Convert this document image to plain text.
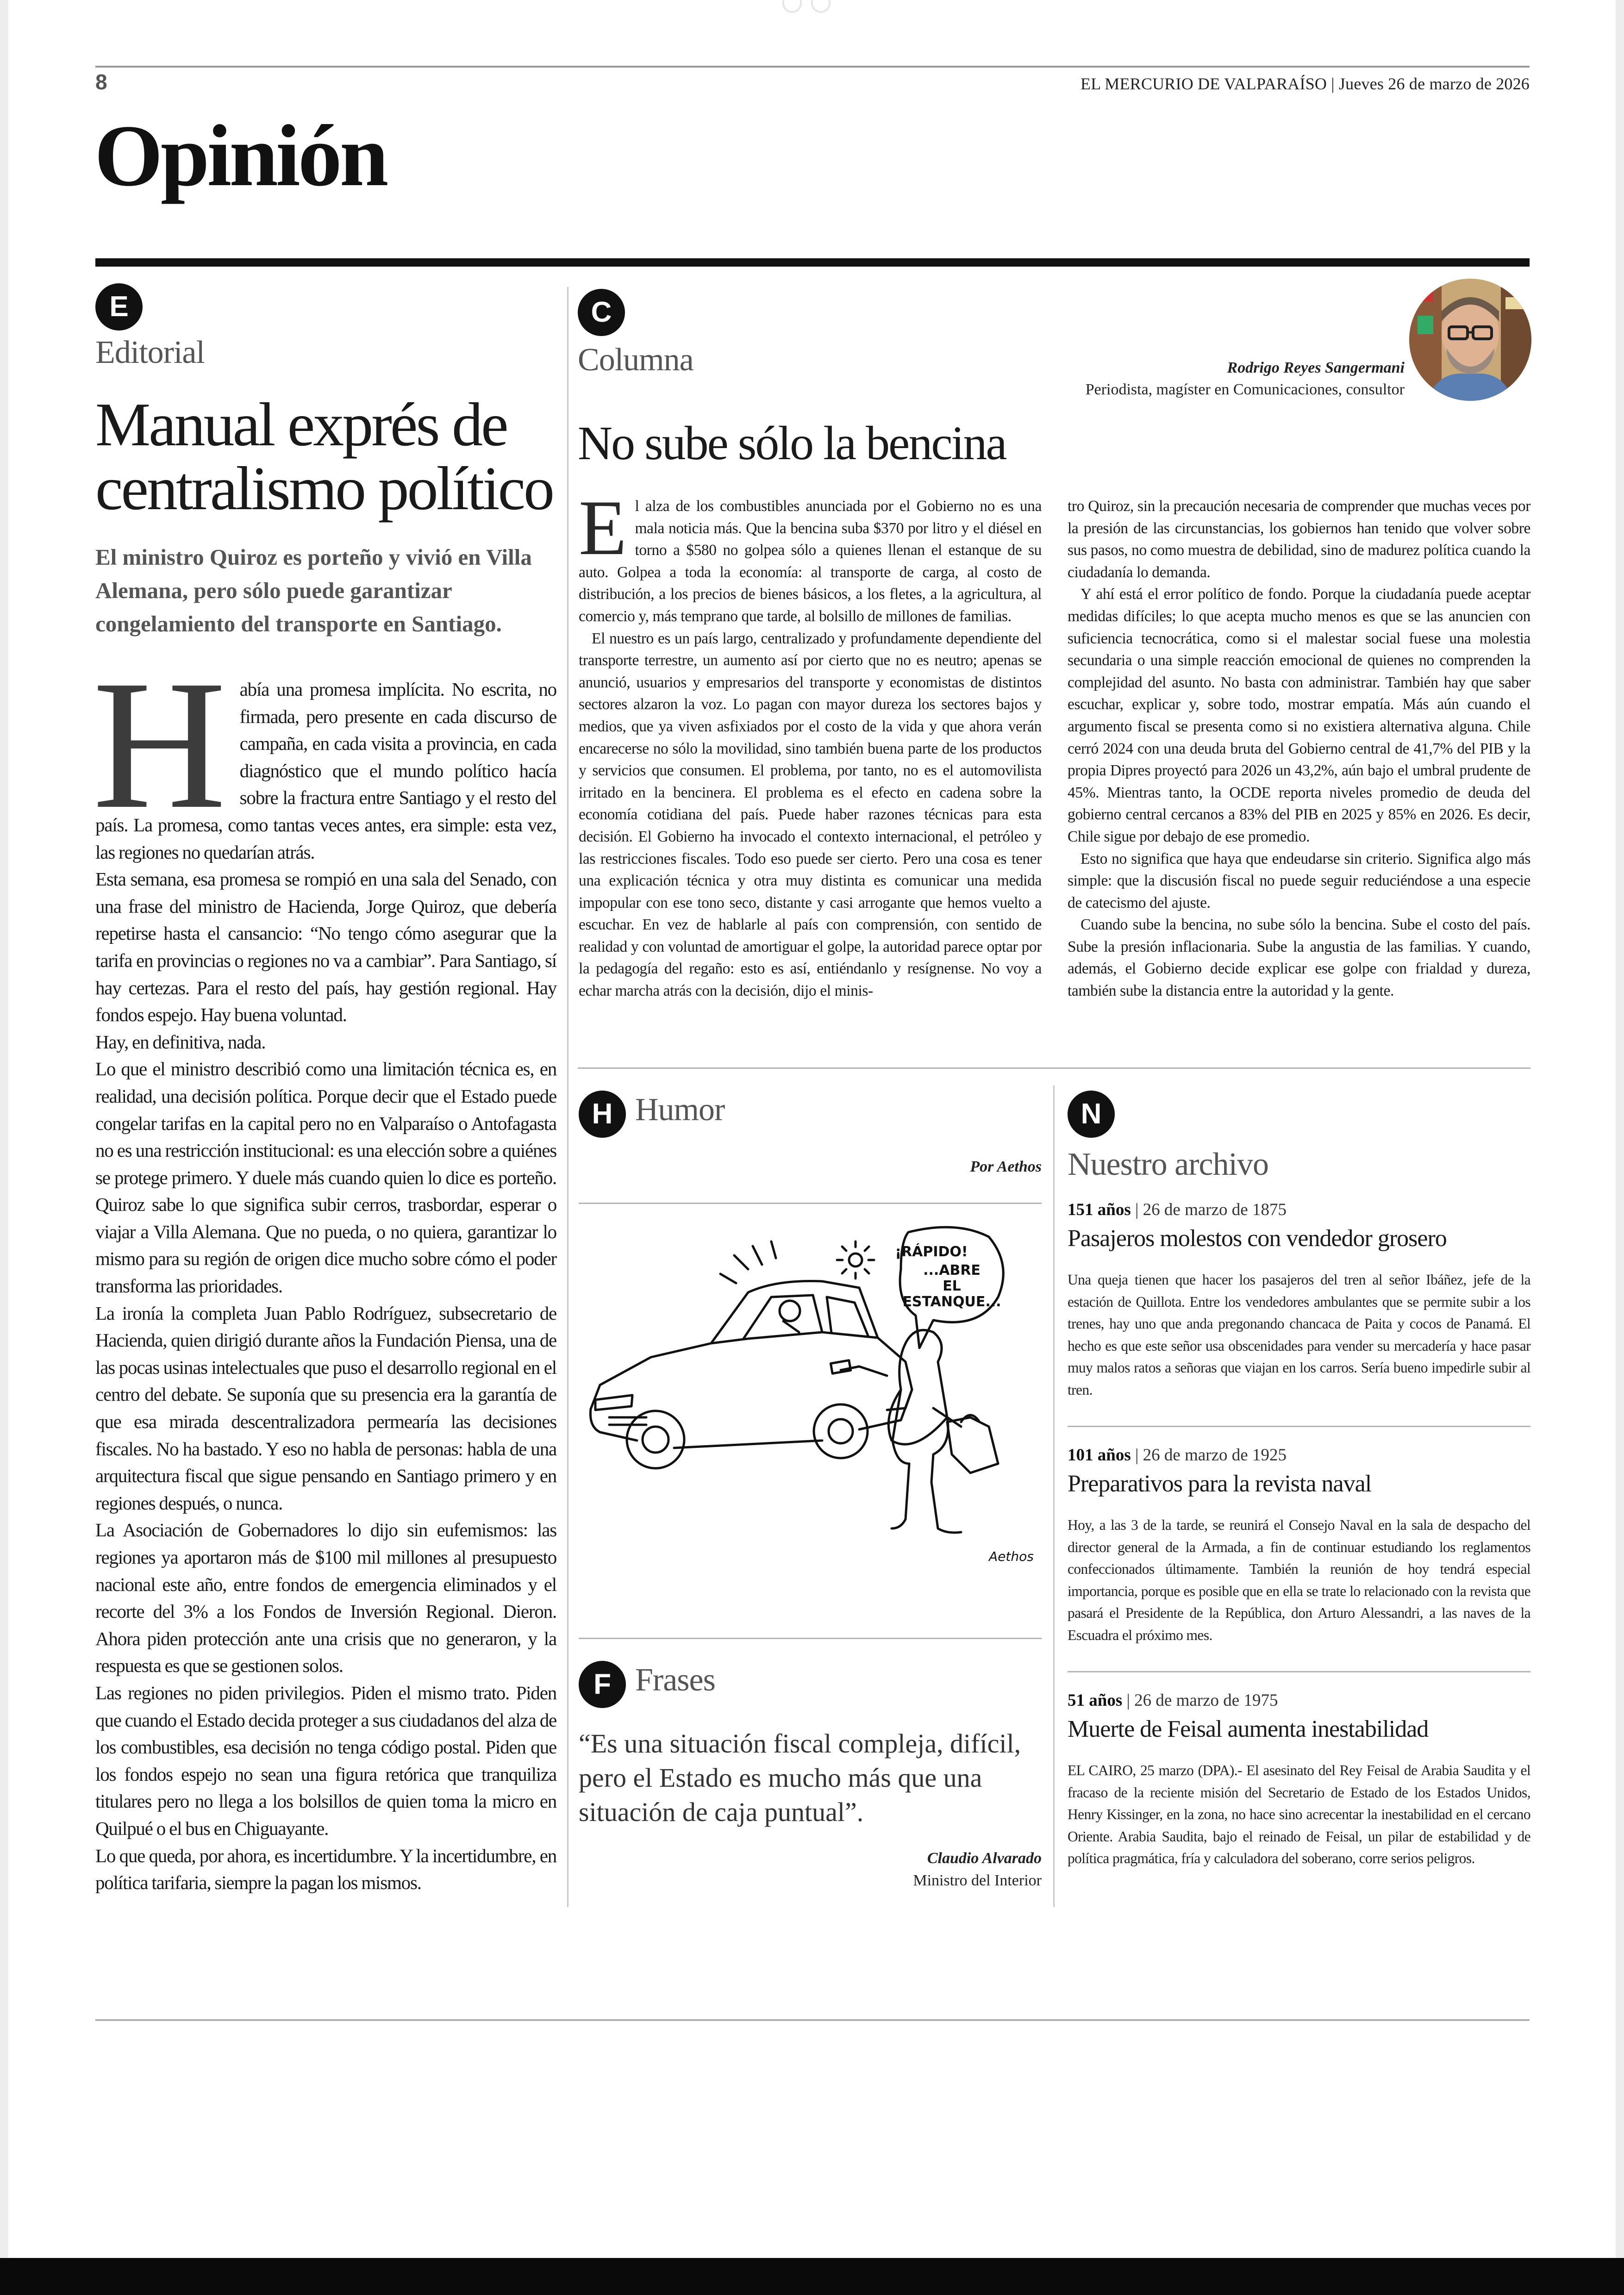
8	EL MERCURIO DE VALPARAÍSO | Jueves 26 de marzo de 2026
Opinión
E
Editorial
Manual exprés de centralismo político

El ministro Quiroz es porteño y vivió en Villa Alemana, pero sólo puede garantizar congelamiento del transporte en Santiago.

H abía una promesa implícita. No escrita, no firmada, pero presente en cada discurso de campaña, en cada visita a provincia, en cada diagnóstico que el mundo político hacía sobre la fractura entre Santiago y el resto del país. La promesa, como tantas veces antes, era simple: esta vez, las regiones no quedarían atrás.

Esta semana, esa promesa se rompió en una sala del Senado, con una frase del ministro de Hacienda, Jorge Quiroz, que debería repetirse hasta el cansancio: “No tengo cómo asegurar que la tarifa en provincias o regiones no va a cambiar”. Para Santiago, sí hay certezas. Para el resto del país, hay gestión regional. Hay fondos espejo. Hay buena voluntad.

Hay, en definitiva, nada.

Lo que el ministro describió como una limitación técnica es, en realidad, una decisión política. Porque decir que el Estado puede congelar tarifas en la capital pero no en Valparaíso o Antofagasta no es una restricción institucional: es una elección sobre a quiénes se protege primero. Y duele más cuando quien lo dice es porteño. Quiroz sabe lo que significa subir cerros, trasbordar, esperar o viajar a Villa Alemana. Que no pueda, o no quiera, garantizar lo mismo para su región de origen dice mucho sobre cómo el poder transforma las prioridades.

La ironía la completa Juan Pablo Rodríguez, subsecretario de Hacienda, quien dirigió durante años la Fundación Piensa, una de las pocas usinas intelectuales que puso el desarrollo regional en el centro del debate. Se suponía que su presencia era la garantía de que esa mirada descentralizadora permearía las decisiones fiscales. No ha bastado. Y eso no habla de personas: habla de una arquitectura fiscal que sigue pensando en Santiago primero y en regiones después, o nunca.

La Asociación de Gobernadores lo dijo sin eufemismos: las regiones ya aportaron más de $100 mil millones al presupuesto nacional este año, entre fondos de emergencia eliminados y el recorte del 3% a los Fondos de Inversión Regional. Dieron. Ahora piden protección ante una crisis que no generaron, y la respuesta es que se gestionen solos.

Las regiones no piden privilegios. Piden el mismo trato. Piden que cuando el Estado decida proteger a sus ciudadanos del alza de los combustibles, esa decisión no tenga código postal. Piden que los fondos espejo no sean una figura retórica que tranquiliza titulares pero no llega a los bolsillos de quien toma la micro en Quilpué o el bus en Chiguayante.

Lo que queda, por ahora, es incertidumbre. Y la incertidumbre, en política tarifaria, siempre la pagan los mismos.

C
Columna	Rodrigo Reyes Sangermani
Periodista, magíster en Comunicaciones, consultor
No sube sólo la bencina
E l alza de los combustibles anunciada por el Gobierno no es una mala noticia más. Que la bencina suba $370 por litro y el diésel en torno a $580 no golpea sólo a quienes llenan el estanque de su auto. Golpea a toda la economía: al transporte de carga, al costo de distribución, a los precios de bienes básicos, a los fletes, a la agricultura, al comercio y, más temprano que tarde, al bolsillo de millones de familias.

El nuestro es un país largo, centralizado y profundamente dependiente del transporte terrestre, un aumento así por cierto que no es neutro; apenas se anunció, usuarios y empresarios del transporte y economistas de distintos sectores alzaron la voz. Lo pagan con mayor dureza los sectores bajos y medios, que ya viven asfixiados por el costo de la vida y que ahora verán encarecerse no sólo la movilidad, sino también buena parte de los productos y servicios que consumen. El problema, por tanto, no es el automovilista irritado en la bencinera. El problema es el efecto en cadena sobre la economía cotidiana del país. Puede haber razones técnicas para esta decisión. El Gobierno ha invocado el contexto internacional, el petróleo y las restricciones fiscales. Todo eso puede ser cierto. Pero una cosa es tener una explicación técnica y otra muy distinta es comunicar una medida impopular con ese tono seco, distante y casi arrogante que hemos vuelto a escuchar. En vez de hablarle al país con comprensión, con sentido de realidad y con voluntad de amortiguar el golpe, la autoridad parece optar por la pedagogía del regaño: esto es así, entiéndanlo y resígnense. No voy a echar marcha atrás con la decisión, dijo el minis-

tro Quiroz, sin la precaución necesaria de comprender que muchas veces por la presión de las circunstancias, los gobiernos han tenido que volver sobre sus pasos, no como muestra de debilidad, sino de madurez política cuando la ciudadanía lo demanda.

Y ahí está el error político de fondo. Porque la ciudadanía puede aceptar medidas difíciles; lo que acepta mucho menos es que se las anuncien con suficiencia tecnocrática, como si el malestar social fuese una molestia secundaria o una simple reacción emocional de quienes no comprenden la complejidad del asunto. No basta con administrar. También hay que saber escuchar, explicar y, sobre todo, mostrar empatía. Más aún cuando el argumento fiscal se presenta como si no existiera alternativa alguna. Chile cerró 2024 con una deuda bruta del Gobierno central de 41,7% del PIB y la propia Dipres proyectó para 2026 un 43,2%, aún bajo el umbral prudente de 45%. Mientras tanto, la OCDE reporta niveles promedio de deuda del gobierno central cercanos a 83% del PIB en 2025 y 85% en 2026. Es decir, Chile sigue por debajo de ese promedio.

Esto no significa que haya que endeudarse sin criterio. Significa algo más simple: que la discusión fiscal no puede seguir reduciéndose a una especie de catecismo del ajuste.

Cuando sube la bencina, no sube sólo la bencina. Sube el costo del país. Sube la presión inflacionaria. Sube la angustia de las familias. Y cuando, además, el Gobierno decide explicar ese golpe con frialdad y dureza, también sube la distancia entre la autoridad y la gente.

H Humor
Por Aethos
¡RÁPIDO!
...ABRE
EL
ESTANQUE...
Aethos
F Frases

“Es una situación fiscal compleja, difícil, pero el Estado es mucho más que una situación de caja puntual”.

Claudio Alvarado
Ministro del Interior
N
Nuestro archivo
151 años | 26 de marzo de 1875
Pasajeros molestos con vendedor grosero

Una queja tienen que hacer los pasajeros del tren al señor Ibáñez, jefe de la estación de Quillota. Entre los vendedores ambulantes que se permite subir a los trenes, hay uno que anda pregonando chancaca de Paita y cocos de Panamá. El hecho es que este señor usa obscenidades para vender su mercadería y hace pasar muy malos ratos a señoras que viajan en los carros. Sería bueno impedirle subir al tren.

101 años | 26 de marzo de 1925
Preparativos para la revista naval

Hoy, a las 3 de la tarde, se reunirá el Consejo Naval en la sala de despacho del director general de la Armada, a fin de continuar estudiando los reglamentos confeccionados últimamente. También la reunión de hoy tendrá especial importancia, porque es posible que en ella se trate lo relacionado con la revista que pasará el Presidente de la República, don Arturo Alessandri, a las naves de la Escuadra el próximo mes.

51 años | 26 de marzo de 1975
Muerte de Feisal aumenta inestabilidad

EL CAIRO, 25 marzo (DPA).- El asesinato del Rey Feisal de Arabia Saudita y el fracaso de la reciente misión del Secretario de Estado de los Estados Unidos, Henry Kissinger, en la zona, no hace sino acrecentar la inestabilidad en el cercano Oriente. Arabia Saudita, bajo el reinado de Feisal, un pilar de estabilidad y de política pragmática, fría y calculadora del soberano, corre serios peligros.
